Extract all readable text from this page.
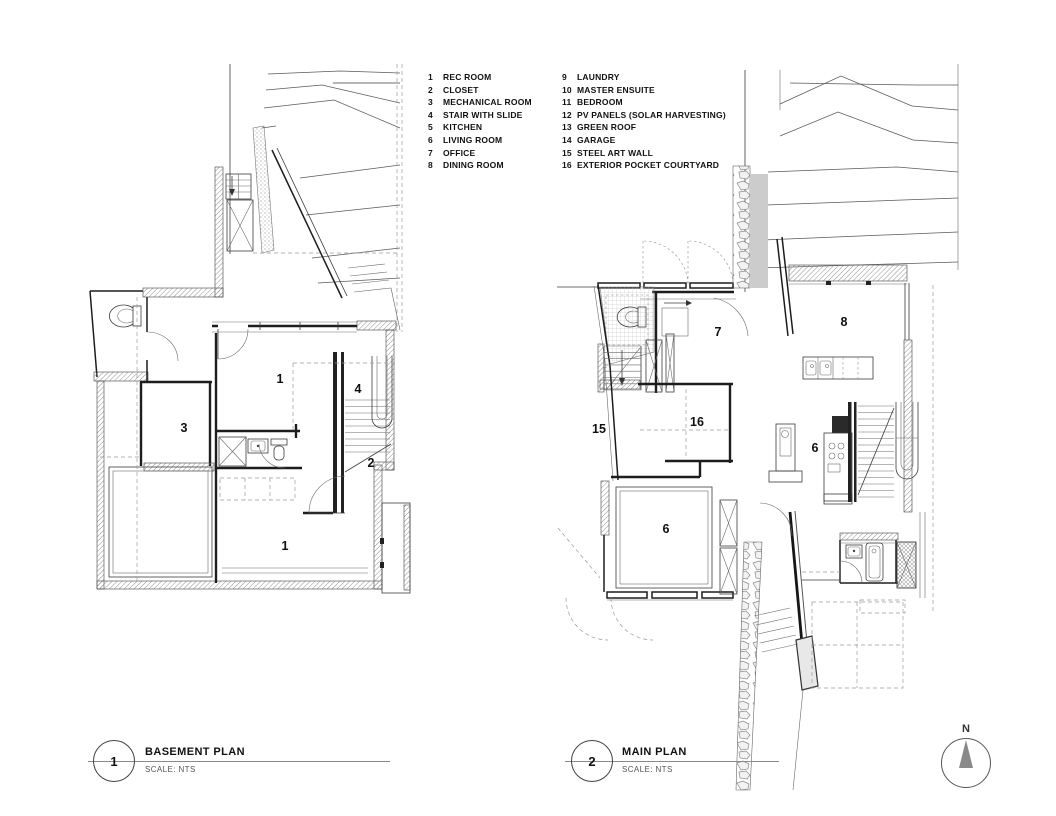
1
4
3
2
1
7
8
15	16
6
6
1	REC ROOM
2	CLOSET
3	MECHANICAL ROOM
4	STAIR WITH SLIDE
5	KITCHEN
6	LIVING ROOM
7	OFFICE
8	DINING ROOM
9	LAUNDRY
10 MASTER ENSUITE
11 BEDROOM
12 PV PANELS (SOLAR HARVESTING)
13 GREEN ROOF
14 GARAGE
15 STEEL ART WALL
16 EXTERIOR POCKET COURTYARD
1
BASEMENT PLAN
SCALE: NTS
2
MAIN PLAN
SCALE: NTS
N
